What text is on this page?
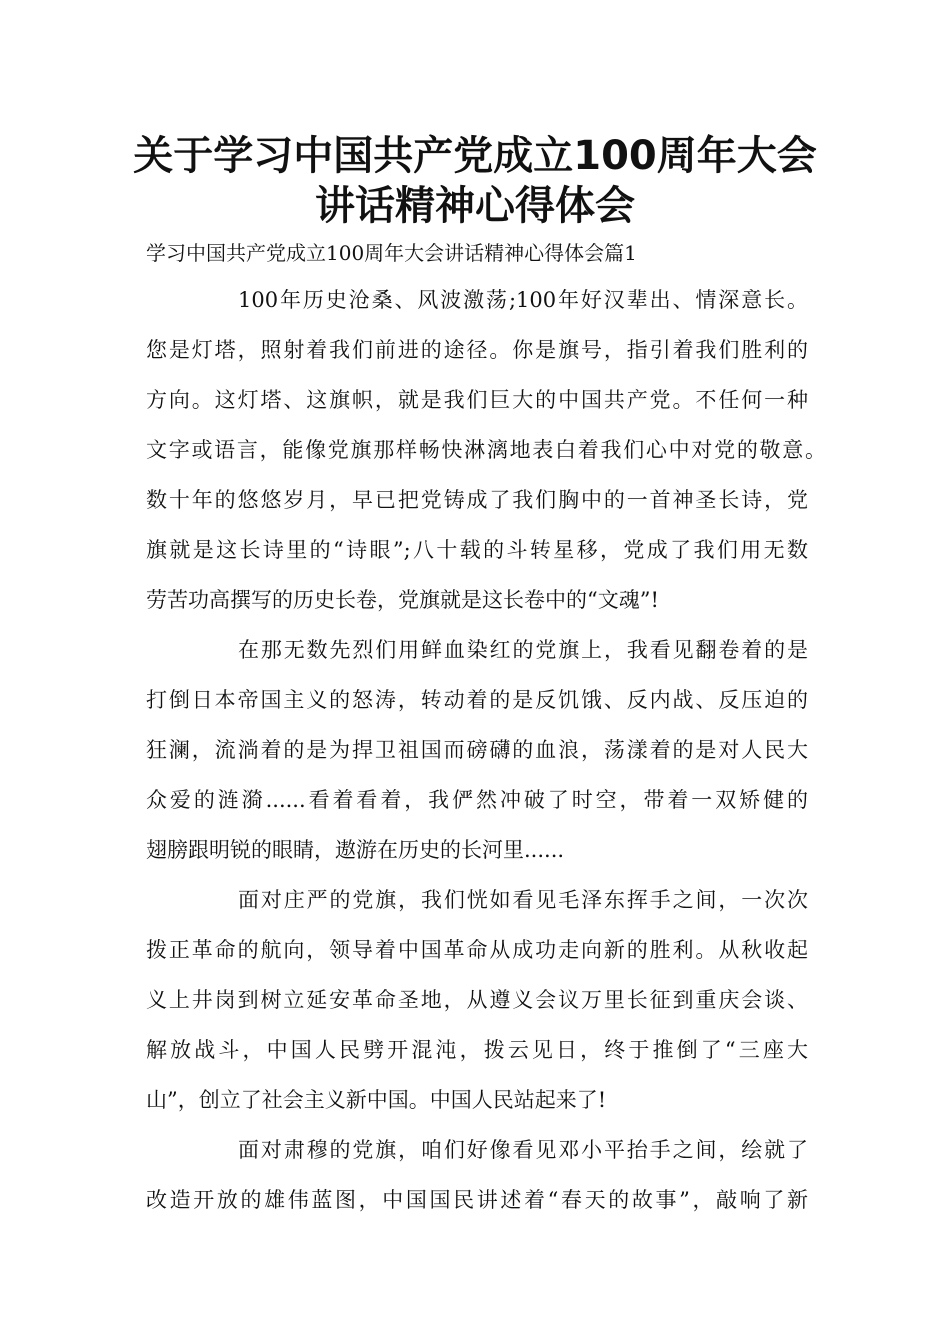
关于学习中国共产党成立100周年大会
讲话精神心得体会

学习中国共产党成立100周年大会讲话精神心得体会篇1

100年历史沧桑、风波激荡;100年好汉辈出、情深意长。

您是灯塔，照射着我们前进的途径。你是旗号，指引着我们胜利的

方向。这灯塔、这旗帜，就是我们巨大的中国共产党。不任何一种

文字或语言，能像党旗那样畅快淋漓地表白着我们心中对党的敬意。

数十年的悠悠岁月，早已把党铸成了我们胸中的一首神圣长诗，党

旗就是这长诗里的“诗眼”;八十载的斗转星移，党成了我们用无数

劳苦功高撰写的历史长卷，党旗就是这长卷中的“文魂”!

在那无数先烈们用鲜血染红的党旗上，我看见翻卷着的是

打倒日本帝国主义的怒涛，转动着的是反饥饿、反内战、反压迫的

狂澜，流淌着的是为捍卫祖国而磅礴的血浪，荡漾着的是对人民大

众爱的涟漪......看着看着，我俨然冲破了时空，带着一双矫健的

翅膀跟明锐的眼睛，遨游在历史的长河里......

面对庄严的党旗，我们恍如看见毛泽东挥手之间，一次次

拨正革命的航向，领导着中国革命从成功走向新的胜利。从秋收起

义上井岗到树立延安革命圣地，从遵义会议万里长征到重庆会谈、

解放战斗，中国人民劈开混沌，拨云见日，终于推倒了“三座大

山”，创立了社会主义新中国。中国人民站起来了!

面对肃穆的党旗，咱们好像看见邓小平抬手之间，绘就了

改造开放的雄伟蓝图，中国国民讲述着“春天的故事”，敲响了新
